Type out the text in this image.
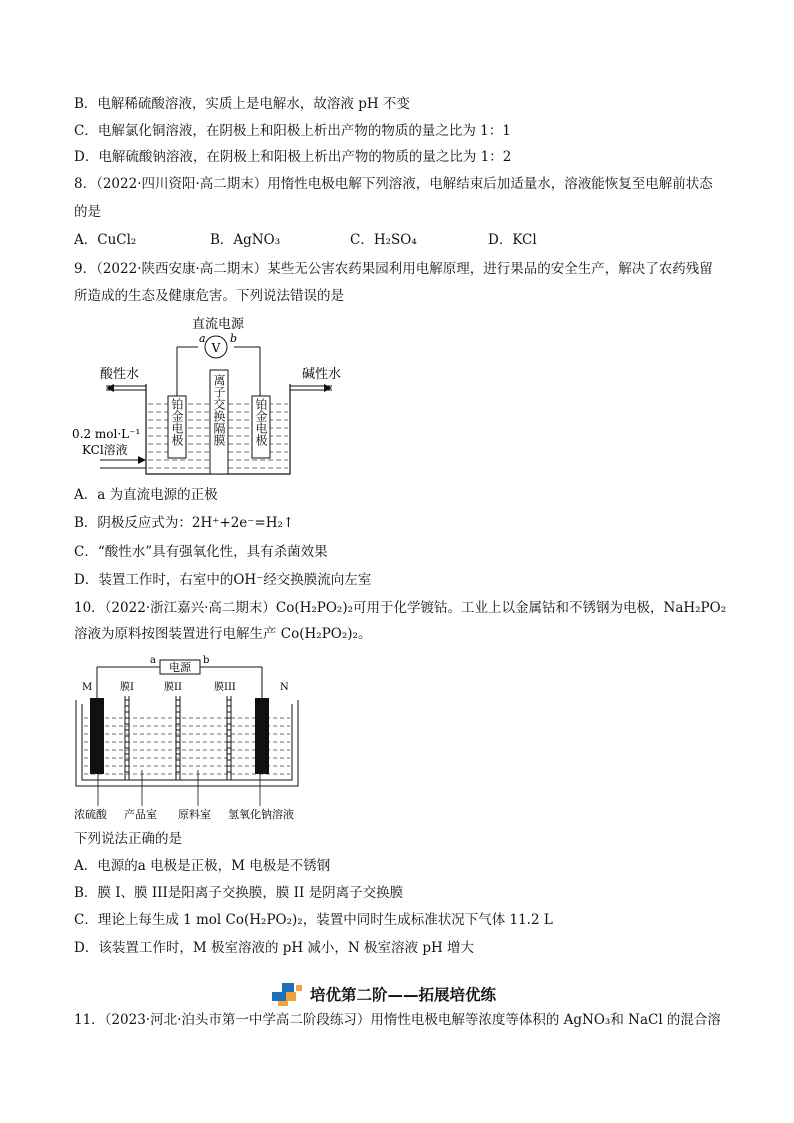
B．电解稀硫酸溶液，实质上是电解水，故溶液 pH 不变
C．电解氯化铜溶液，在阴极上和阳极上析出产物的物质的量之比为 1：1
D．电解硫酸钠溶液，在阴极上和阳极上析出产物的物质的量之比为 1：2
8．（2022·四川资阳·高二期末）用惰性电极电解下列溶液，电解结束后加适量水，溶液能恢复至电解前状态
的是
A．CuCl₂	B．AgNO₃	C．H₂SO₄	D．KCl
9．（2022·陕西安康·高二期末）某些无公害农药果园利用电解原理，进行果品的安全生产，解决了农药残留
所造成的生态及健康危害。下列说法错误的是
直流电源
V
a b
酸性水	碱性水
铂金电极 离子交换隔膜 铂金电极
0.2 mol·L⁻¹
KCl溶液
A．a 为直流电源的正极
B．阴极反应式为：2H⁺+2e⁻=H₂↑
C．“酸性水”具有强氧化性，具有杀菌效果
D．装置工作时，右室中的OH⁻经交换膜流向左室
10．（2022·浙江嘉兴·高二期末）Co(H₂PO₂)₂可用于化学镀钴。工业上以金属钴和不锈钢为电极，NaH₂PO₂
溶液为原料按图装置进行电解生产 Co(H₂PO₂)₂。
电源
a	b
M	N
膜I	膜II	膜III
浓硫酸 产品室 原料室 氢氧化钠溶液
下列说法正确的是
A．电源的a 电极是正极，M 电极是不锈钢
B．膜 I、膜 III是阳离子交换膜，膜 II 是阴离子交换膜
C．理论上每生成 1 mol Co(H₂PO₂)₂，装置中同时生成标准状况下气体 11.2 L
D．该装置工作时，M 极室溶液的 pH 减小，N 极室溶液 pH 增大
培优第二阶——拓展培优练
11．（2023·河北·泊头市第一中学高二阶段练习）用惰性电极电解等浓度等体积的 AgNO₃和 NaCl 的混合溶
